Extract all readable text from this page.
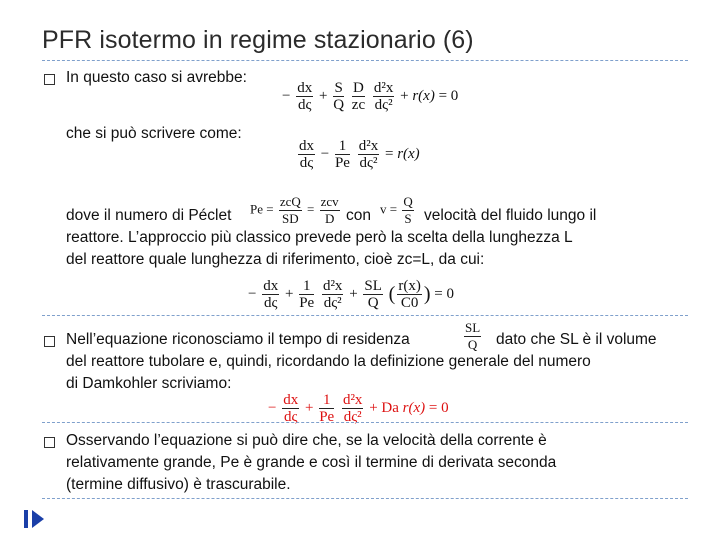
PFR isotermo in regime stazionario (6)
In questo caso si avrebbe:
− $\frac{dx}{d\varsigma} + \frac{S}{Q}$
$\frac{D}{zc}$
$\frac{\text{d²x}}{\text{dς²}} + r(x) = 0$
che si può scrivere come:
$\frac{dx}{d\varsigma} - \frac{1}{Pe}$
$\frac{\text{d²x}}{\text{dς²}} = r(x)$
dove il numero di Péclet $Pe = \frac{\text{zcQ}}{SD} = \frac{\text{zcv}}{D}$ con $v = \frac{Q}{S}$ velocità del fluido lungo il
reattore. L’approccio più classico prevede però la scelta della lunghezza L
del reattore quale lunghezza di riferimento, cioè zc=L, da cui:
− $\frac{dx}{d\varsigma} + \frac{1}{Pe}$
$\frac{\text{d²x}}{\text{dς²}} + \frac{SL}{Q}$ ( $\frac{r(x)}{C0}$ ) = 0
Nell’equazione riconosciamo il tempo di residenza	$\frac{SL}{Q}$ dato che SL è il volume
del reattore tubolare e, quindi, ricordando la definizione generale del numero
di Damkohler scriviamo:
− $\frac{dx}{d\varsigma} + \frac{1}{Pe}$
$\frac{\text{d²x}}{\text{dς²}} + Da$ r(x) = 0
Osservando l’equazione si può dire che, se la velocità della corrente è
relativamente grande, Pe è grande e così il termine di derivata seconda
(termine diffusivo) è trascurabile.
